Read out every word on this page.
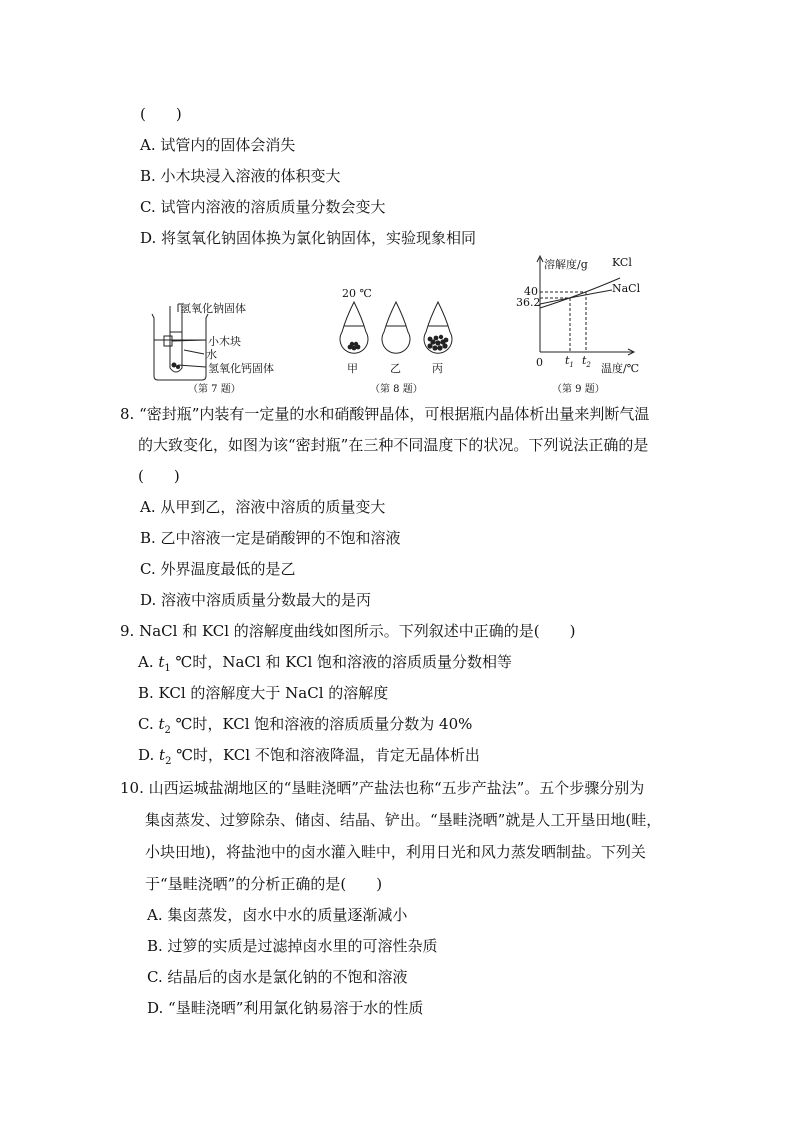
(　　)
A. 试管内的固体会消失
B. 小木块浸入溶液的体积变大
C. 试管内溶液的溶质质量分数会变大
D. 将氢氧化钠固体换为氯化钠固体，实验现象相同
氢氧化钠固体
小木块
水
氢氧化钙固体
（第 7 题）
20 ℃
甲	乙	丙
（第 8 题）
溶解度/g KCl
NaCl
40
36.2
0 $t_1$ $t_2$ 温度/℃
（第 9 题）
8. “密封瓶”内装有一定量的水和硝酸钾晶体，可根据瓶内晶体析出量来判断气温
的大致变化，如图为该“密封瓶”在三种不同温度下的状况。下列说法正确的是
(　　)
A. 从甲到乙，溶液中溶质的质量变大
B. 乙中溶液一定是硝酸钾的不饱和溶液
C. 外界温度最低的是乙
D. 溶液中溶质质量分数最大的是丙
9. NaCl 和 KCl 的溶解度曲线如图所示。下列叙述中正确的是(　　)
A. $t_1$ ℃时，NaCl 和 KCl 饱和溶液的溶质质量分数相等
B. KCl 的溶解度大于 NaCl 的溶解度
C. $t_2$ ℃时，KCl 饱和溶液的溶质质量分数为 40%
D. $t_2$ ℃时，KCl 不饱和溶液降温，肯定无晶体析出
10. 山西运城盐湖地区的“垦畦浇晒”产盐法也称“五步产盐法”。五个步骤分别为
集卤蒸发、过箩除杂、储卤、结晶、铲出。“垦畦浇晒”就是人工开垦田地(畦，
小块田地)，将盐池中的卤水灌入畦中，利用日光和风力蒸发晒制盐。下列关
于“垦畦浇晒”的分析正确的是(　　)
A. 集卤蒸发，卤水中水的质量逐渐减小
B. 过箩的实质是过滤掉卤水里的可溶性杂质
C. 结晶后的卤水是氯化钠的不饱和溶液
D. “垦畦浇晒”利用氯化钠易溶于水的性质
